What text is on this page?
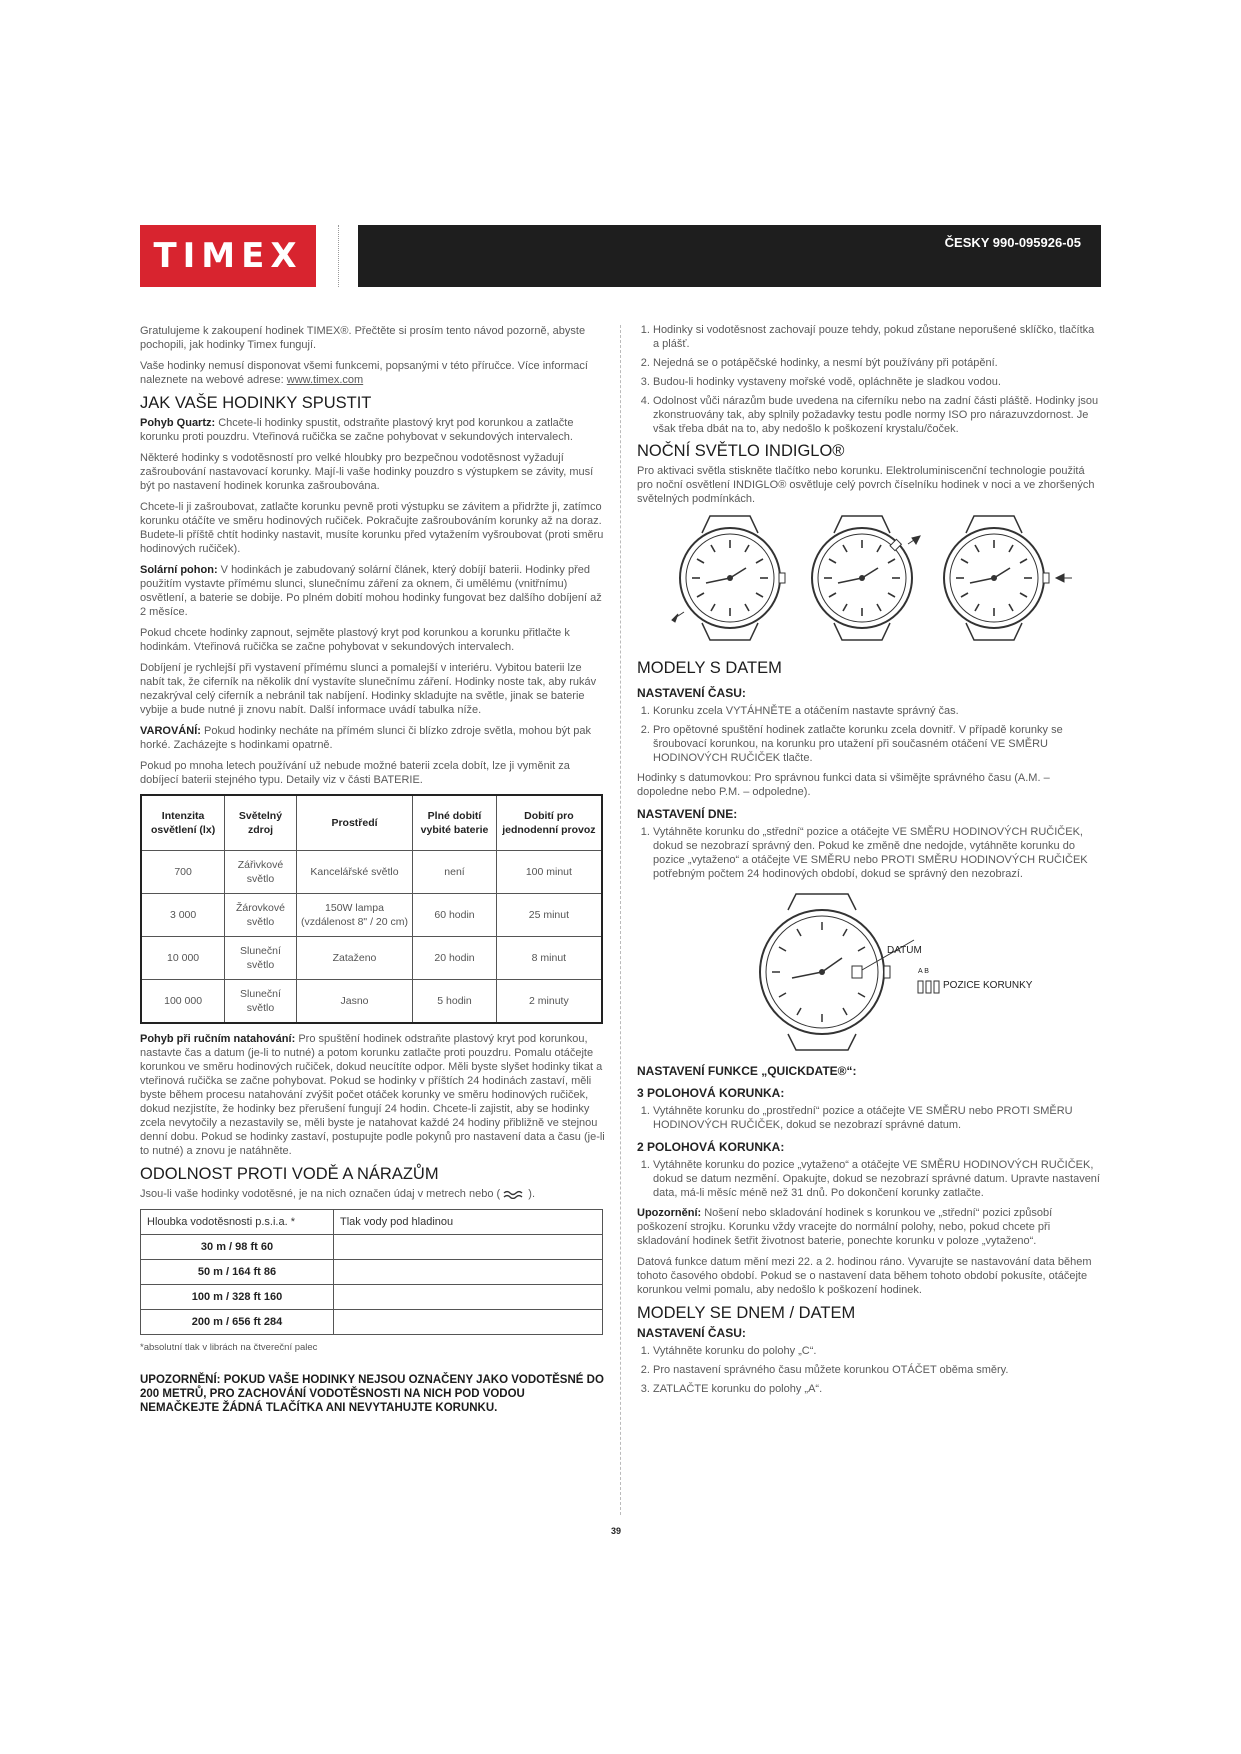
TIMEX	ČESKY 990-095926-05

Gratulujeme k zakoupení hodinek TIMEX®. Přečtěte si prosím tento návod pozorně, abyste pochopili, jak hodinky Timex fungují.

Vaše hodinky nemusí disponovat všemi funkcemi, popsanými v této příručce. Více informací naleznete na webové adrese: www.timex.com

JAK VAŠE HODINKY SPUSTIT

Pohyb Quartz: Chcete-li hodinky spustit, odstraňte plastový kryt pod korunkou a zatlačte korunku proti pouzdru. Vteřinová ručička se začne pohybovat v sekundových intervalech.

Některé hodinky s vodotěsností pro velké hloubky pro bezpečnou vodotěsnost vyžadují zašroubování nastavovací korunky. Mají-li vaše hodinky pouzdro s výstupkem se závity, musí být po nastavení hodinek korunka zašroubována.

Chcete-li ji zašroubovat, zatlačte korunku pevně proti výstupku se závitem a přidržte ji, zatímco korunku otáčíte ve směru hodinových ručiček. Pokračujte zašroubováním korunky až na doraz. Budete-li příště chtít hodinky nastavit, musíte korunku před vytažením vyšroubovat (proti směru hodinových ručiček).

Solární pohon: V hodinkách je zabudovaný solární článek, který dobíjí baterii. Hodinky před použitím vystavte přímému slunci, slunečnímu záření za oknem, či umělému (vnitřnímu) osvětlení, a baterie se dobije. Po plném dobití mohou hodinky fungovat bez dalšího dobíjení až 2 měsíce.

Pokud chcete hodinky zapnout, sejměte plastový kryt pod korunkou a korunku přitlačte k hodinkám. Vteřinová ručička se začne pohybovat v sekundových intervalech.

Dobíjení je rychlejší při vystavení přímému slunci a pomalejší v interiéru. Vybitou baterii lze nabít tak, že ciferník na několik dní vystavíte slunečnímu záření. Hodinky noste tak, aby rukáv nezakrýval celý ciferník a nebránil tak nabíjení. Hodinky skladujte na světle, jinak se baterie vybije a bude nutné ji znovu nabít. Další informace uvádí tabulka níže.

VAROVÁNÍ: Pokud hodinky necháte na přímém slunci či blízko zdroje světla, mohou být pak horké. Zacházejte s hodinkami opatrně.

Pokud po mnoha letech používání už nebude možné baterii zcela dobít, lze ji vyměnit za dobíjecí baterii stejného typu. Detaily viz v části BATERIE.

Intenzita osvětlení (lx)	Světelný zdroj	Prostředí	Plné dobití vybité baterie	Dobití pro jednodenní provoz
700	Zářivkové světlo	Kancelářské světlo	není	100 minut
3 000	Žárovkové světlo	150W lampa (vzdálenost 8" / 20 cm)	60 hodin	25 minut
10 000	Sluneční světlo	Zataženo	20 hodin	8 minut
100 000	Sluneční světlo	Jasno	5 hodin	2 minuty

Pohyb při ručním natahování: Pro spuštění hodinek odstraňte plastový kryt pod korunkou, nastavte čas a datum (je-li to nutné) a potom korunku zatlačte proti pouzdru. Pomalu otáčejte korunkou ve směru hodinových ručiček, dokud neucítíte odpor. Měli byste slyšet hodinky tikat a vteřinová ručička se začne pohybovat. Pokud se hodinky v příštích 24 hodinách zastaví, měli byste během procesu natahování zvýšit počet otáček korunky ve směru hodinových ručiček, dokud nezjistíte, že hodinky bez přerušení fungují 24 hodin. Chcete-li zajistit, aby se hodinky zcela nevytočily a nezastavily se, měli byste je natahovat každé 24 hodiny přibližně ve stejnou denní dobu. Pokud se hodinky zastaví, postupujte podle pokynů pro nastavení data a času (je-li to nutné) a znovu je natáhněte.

ODOLNOST PROTI VODĚ A NÁRAZŮM

Jsou-li vaše hodinky vodotěsné, je na nich označen údaj v metrech nebo (	).

Hloubka vodotěsnosti p.s.i.a. *	Tlak vody pod hladinou
30 m / 98 ft 60	
50 m / 164 ft 86	
100 m / 328 ft 160	
200 m / 656 ft 284	
*absolutní tlak v librách na čtvereční palec
UPOZORNĚNÍ: POKUD VAŠE HODINKY NEJSOU OZNAČENY JAKO VODOTĚSNÉ DO 200 METRŮ, PRO ZACHOVÁNÍ VODOTĚSNOSTI NA NICH POD VODOU NEMAČKEJTE ŽÁDNÁ TLAČÍTKA ANI NEVYTAHUJTE KORUNKU.
1. Hodinky si vodotěsnost zachovají pouze tehdy, pokud zůstane neporušené sklíčko, tlačítka a plášť.
2. Nejedná se o potápěčské hodinky, a nesmí být používány při potápění.
3. Budou-li hodinky vystaveny mořské vodě, opláchněte je sladkou vodou.
4. Odolnost vůči nárazům bude uvedena na ciferníku nebo na zadní části pláště. Hodinky jsou zkonstruovány tak, aby splnily požadavky testu podle normy ISO pro nárazuvzdornost. Je však třeba dbát na to, aby nedošlo k poškození krystalu/čoček.
NOČNÍ SVĚTLO INDIGLO®

Pro aktivaci světla stiskněte tlačítko nebo korunku. Elektroluminiscenční technologie použitá pro noční osvětlení INDIGLO® osvětluje celý povrch číselníku hodinek v noci a ve zhoršených světelných podmínkách.

MODELY S DATEM
NASTAVENÍ ČASU:
1. Korunku zcela VYTÁHNĚTE a otáčením nastavte správný čas.
2. Pro opětovné spuštění hodinek zatlačte korunku zcela dovnitř. V případě korunky se šroubovací korunkou, na korunku pro utažení při současném otáčení VE SMĚRU HODINOVÝCH RUČIČEK tlačte.

Hodinky s datumovkou: Pro správnou funkci data si všimějte správného času (A.M. – dopoledne nebo P.M. – odpoledne).

NASTAVENÍ DNE:
1. Vytáhněte korunku do „střední“ pozice a otáčejte VE SMĚRU HODINOVÝCH RUČIČEK, dokud se nezobrazí správný den. Pokud ke změně dne nedojde, vytáhněte korunku do pozice „vytaženo“ a otáčejte VE SMĚRU nebo PROTI SMĚRU HODINOVÝCH RUČIČEK potřebným počtem 24 hodinových období, dokud se správný den nezobrazí.
DATUM
A B
POZICE KORUNKY
NASTAVENÍ FUNKCE „QUICKDATE®“:
3 POLOHOVÁ KORUNKA:
1. Vytáhněte korunku do „prostřední“ pozice a otáčejte VE SMĚRU nebo PROTI SMĚRU HODINOVÝCH RUČIČEK, dokud se nezobrazí správné datum.
2 POLOHOVÁ KORUNKA:
1. Vytáhněte korunku do pozice „vytaženo“ a otáčejte VE SMĚRU HODINOVÝCH RUČIČEK, dokud se datum nezmění. Opakujte, dokud se nezobrazí správné datum. Upravte nastavení data, má-li měsíc méně než 31 dnů. Po dokončení korunky zatlačte.

Upozornění: Nošení nebo skladování hodinek s korunkou ve „střední“ pozici způsobí poškození strojku. Korunku vždy vracejte do normální polohy, nebo, pokud chcete při skladování hodinek šetřit životnost baterie, ponechte korunku v poloze „vytaženo“.

Datová funkce datum mění mezi 22. a 2. hodinou ráno. Vyvarujte se nastavování data během tohoto časového období. Pokud se o nastavení data během tohoto období pokusíte, otáčejte korunkou velmi pomalu, aby nedošlo k poškození hodinek.

MODELY SE DNEM / DATEM
NASTAVENÍ ČASU:
1. Vytáhněte korunku do polohy „C“.
2. Pro nastavení správného času můžete korunkou OTÁČET oběma směry.
3. ZATLAČTE korunku do polohy „A“.
39
